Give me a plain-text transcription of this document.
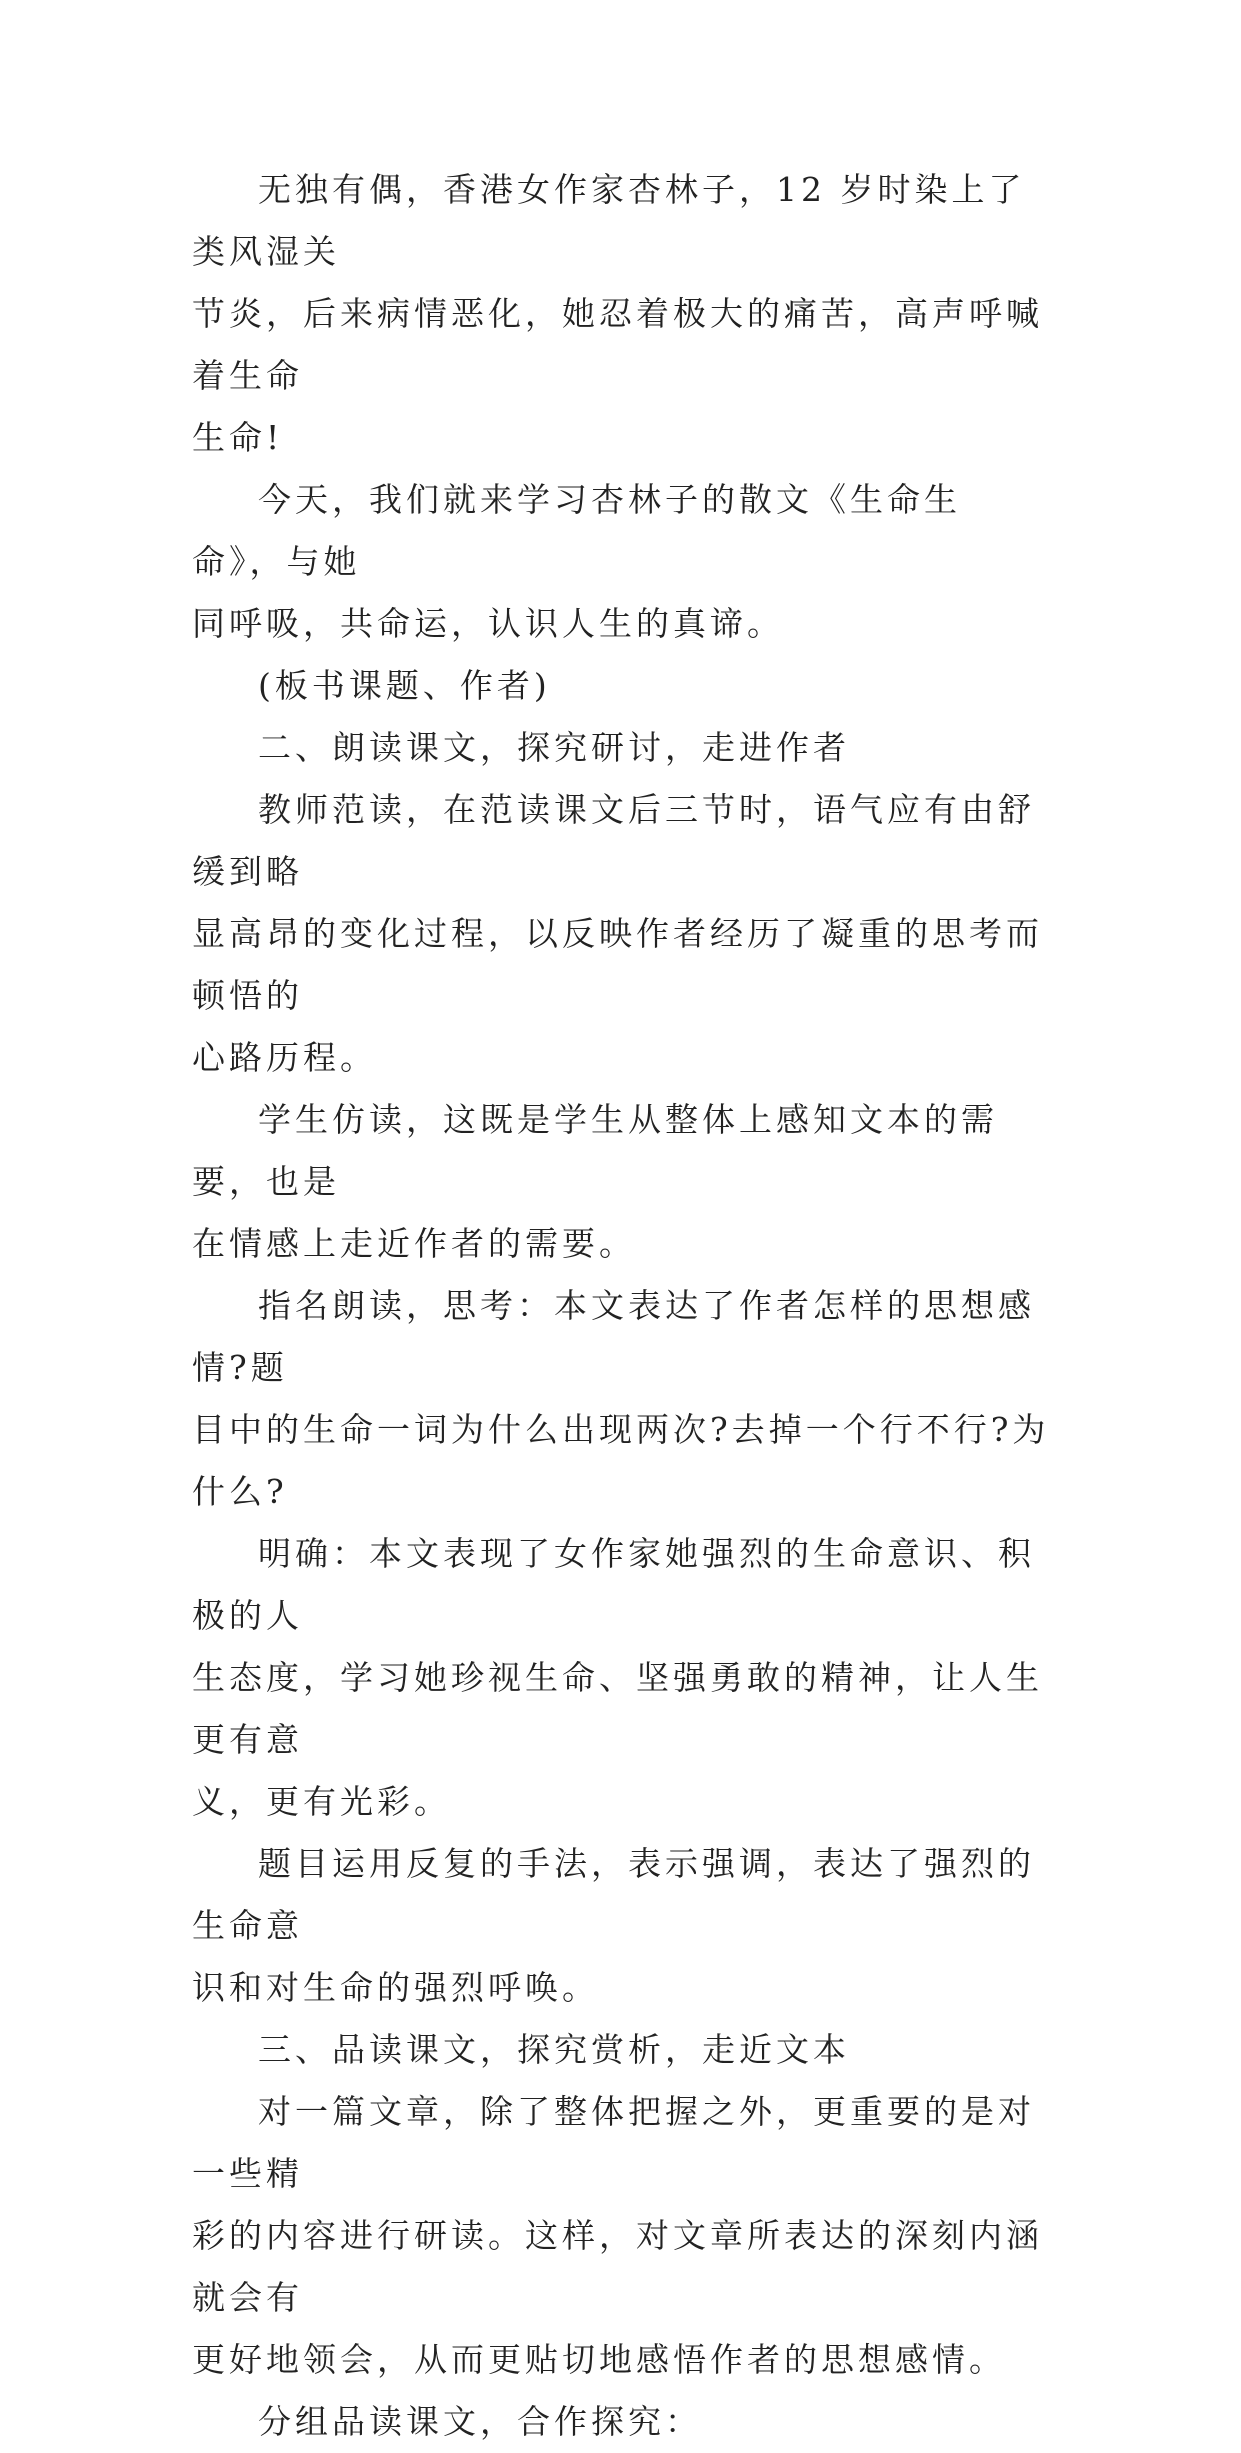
无独有偶，香港女作家杏林子，12 岁时染上了类风湿关
节炎，后来病情恶化，她忍着极大的痛苦，高声呼喊着生命
生命!

今天，我们就来学习杏林子的散文《生命生命》，与她
同呼吸，共命运，认识人生的真谛。

(板书课题、作者)

二、朗读课文，探究研讨，走进作者

教师范读，在范读课文后三节时，语气应有由舒缓到略
显高昂的变化过程，以反映作者经历了凝重的思考而顿悟的
心路历程。

学生仿读，这既是学生从整体上感知文本的需要，也是
在情感上走近作者的需要。

指名朗读，思考：本文表达了作者怎样的思想感情?题
目中的生命一词为什么出现两次?去掉一个行不行?为什么?

明确：本文表现了女作家她强烈的生命意识、积极的人
生态度，学习她珍视生命、坚强勇敢的精神，让人生更有意
义，更有光彩。

题目运用反复的手法，表示强调，表达了强烈的生命意
识和对生命的强烈呼唤。

三、品读课文，探究赏析，走近文本

对一篇文章，除了整体把握之外，更重要的是对一些精
彩的内容进行研读。这样，对文章所表达的深刻内涵就会有
更好地领会，从而更贴切地感悟作者的思想感情。

分组品读课文，合作探究：
